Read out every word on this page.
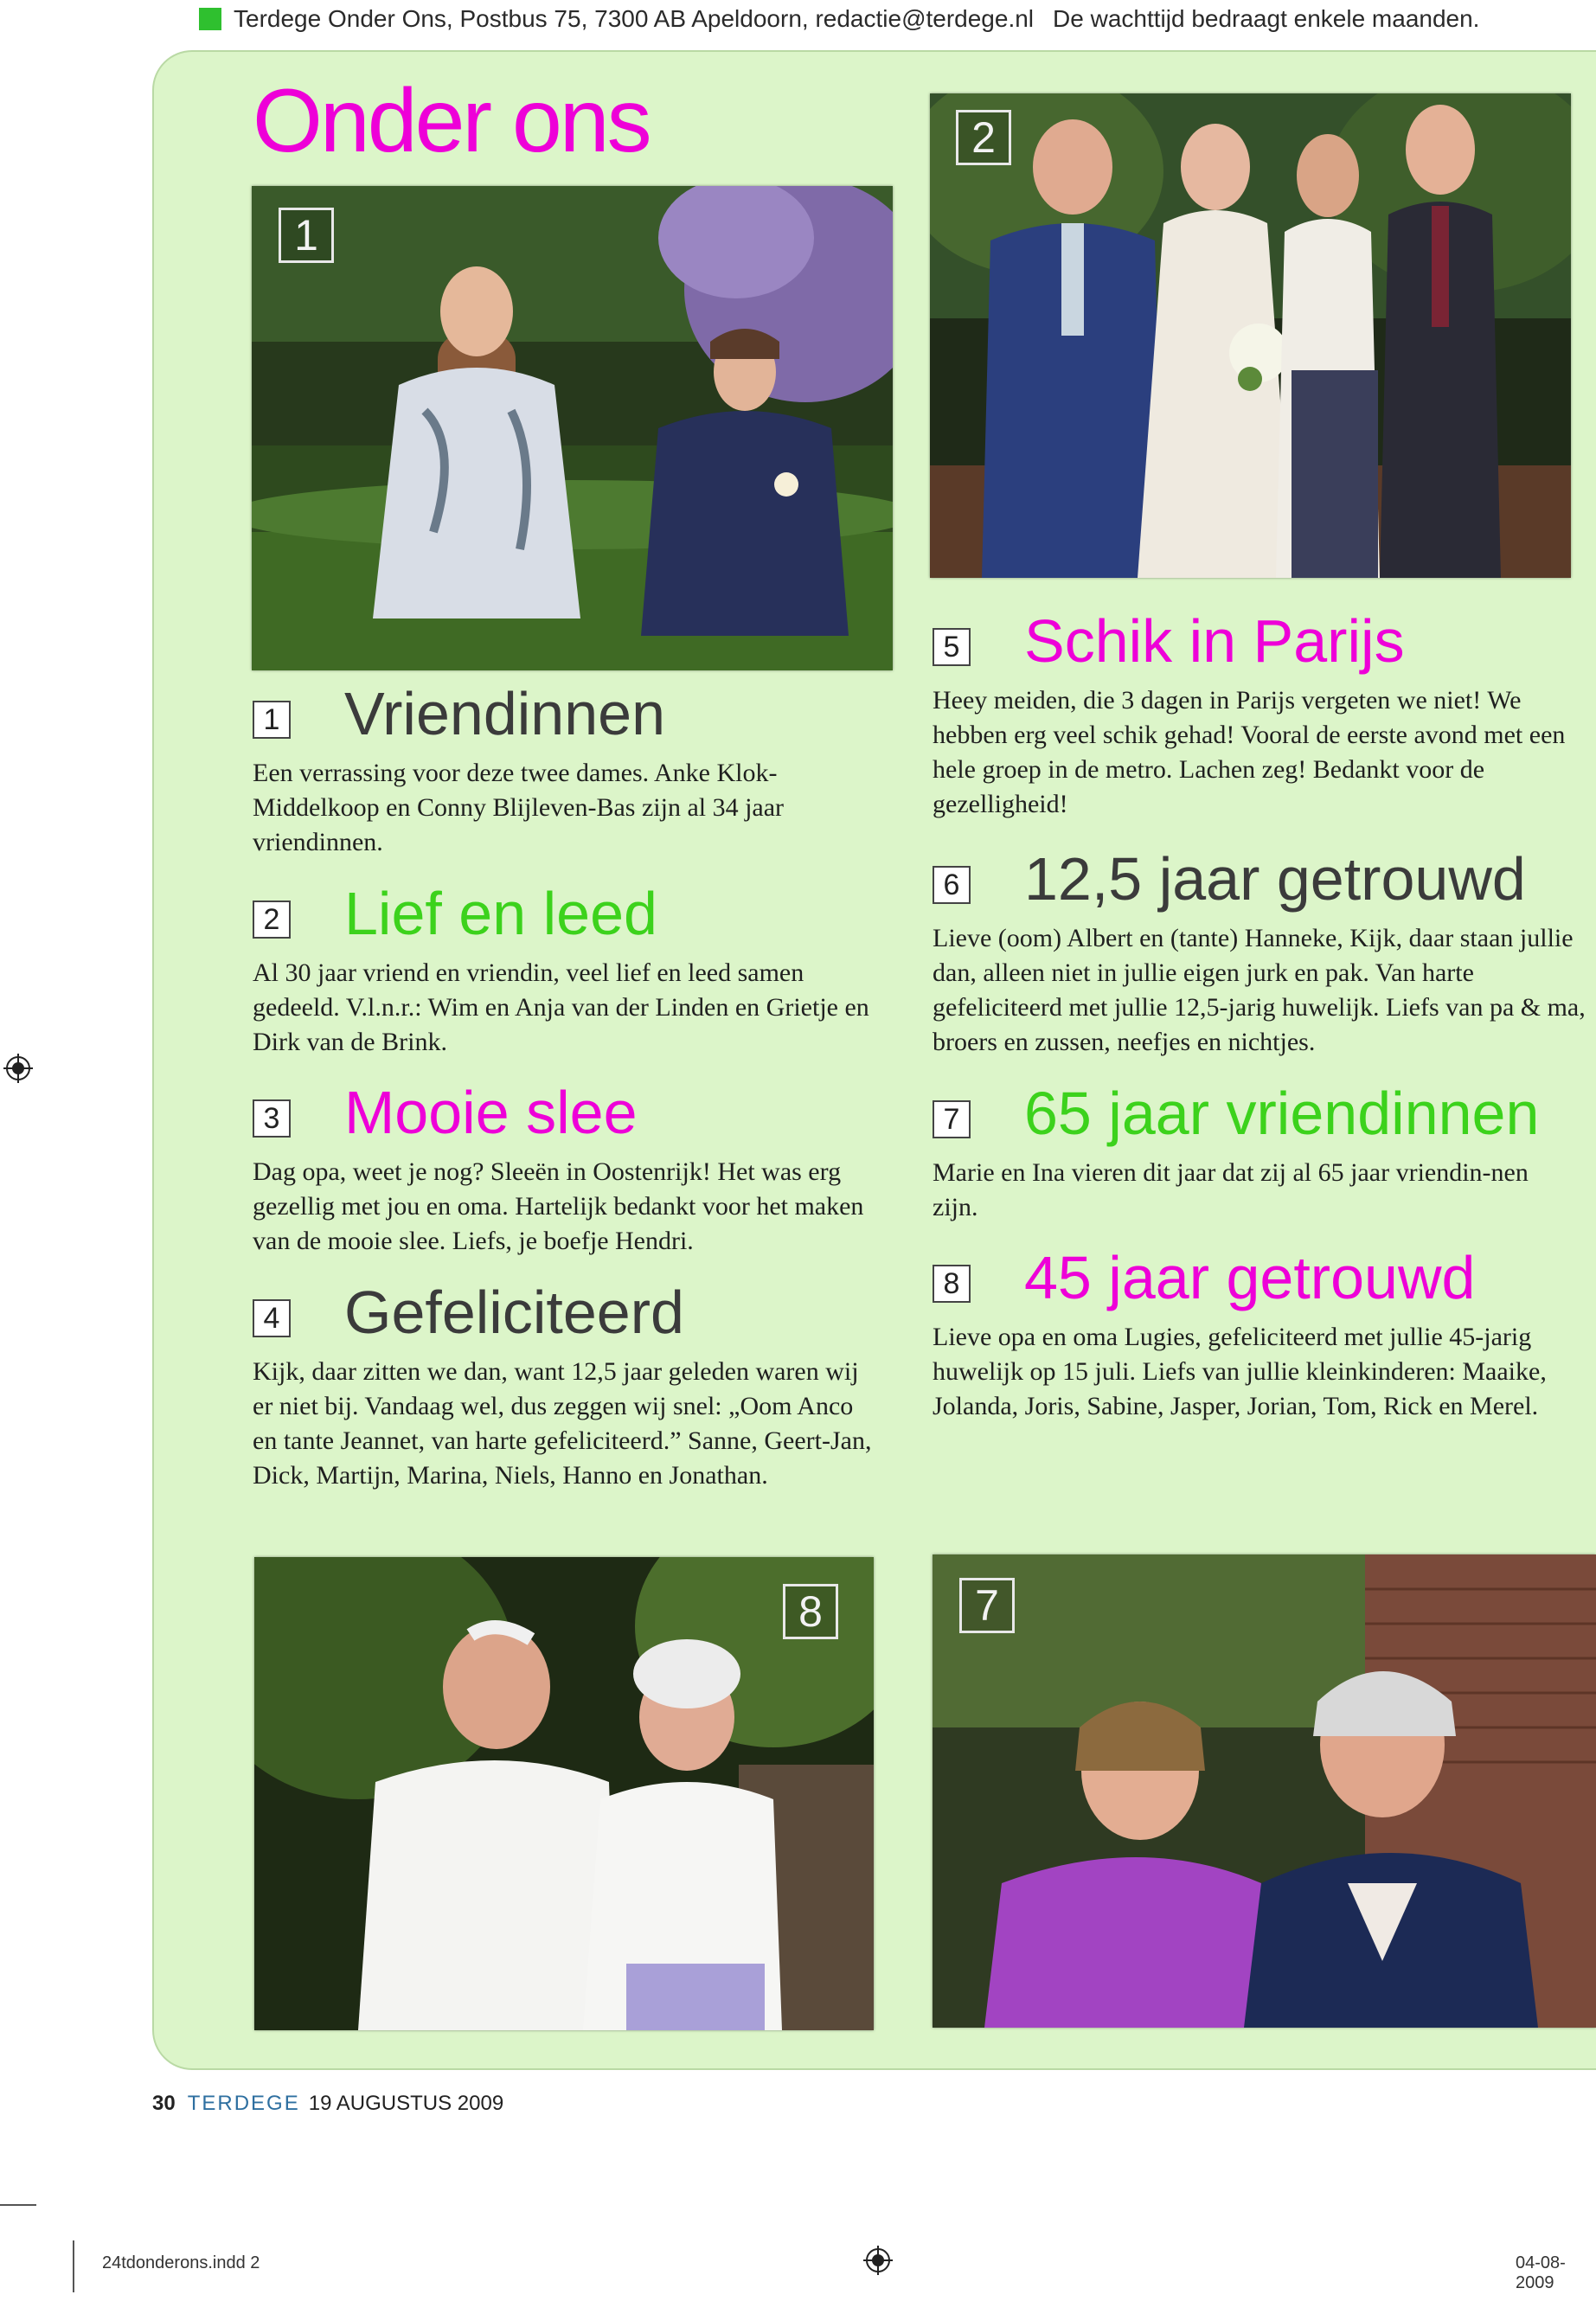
Terdege Onder Ons, Postbus 75, 7300 AB Apeldoorn, redactie@terdege.nl De wachttijd bedraagt enkele maanden.
Onder ons
1
2
1 Vriendinnen

Een verrassing voor deze twee dames. Anke Klok-Middelkoop en Conny Blijleven-Bas zijn al 34 jaar vriendinnen.

2 Lief en leed

Al 30 jaar vriend en vriendin, veel lief en leed samen gedeeld. V.l.n.r.: Wim en Anja van der Linden en Grietje en Dirk van de Brink.

3 Mooie slee

Dag opa, weet je nog? Sleeën in Oostenrijk! Het was erg gezellig met jou en oma. Hartelijk bedankt voor het maken van de mooie slee. Liefs, je boefje Hendri.

4 Gefeliciteerd

Kijk, daar zitten we dan, want 12,5 jaar geleden waren wij er niet bij. Vandaag wel, dus zeggen wij snel: „Oom Anco en tante Jeannet, van harte gefeliciteerd.” Sanne, Geert-Jan, Dick, Martijn, Marina, Niels, Hanno en Jonathan.

5 Schik in Parijs

Heey meiden, die 3 dagen in Parijs vergeten we niet! We hebben erg veel schik gehad! Vooral de eerste avond met een hele groep in de metro. Lachen zeg! Bedankt voor de gezelligheid!

6 12,5 jaar getrouwd

Lieve (oom) Albert en (tante) Hanneke, Kijk, daar staan jullie dan, alleen niet in jullie eigen jurk en pak. Van harte gefeliciteerd met jullie 12,5-jarig huwelijk. Liefs van pa & ma, broers en zussen, neefjes en nichtjes.

7 65 jaar vriendinnen

Marie en Ina vieren dit jaar dat zij al 65 jaar vriendin-nen zijn.

8 45 jaar getrouwd

Lieve opa en oma Lugies, gefeliciteerd met jullie 45-jarig huwelijk op 15 juli. Liefs van jullie kleinkinderen: Maaike, Jolanda, Joris, Sabine, Jasper, Jorian, Tom, Rick en Merel.

8	7
30 TERDEGE 19 AUGUSTUS 2009
24tdonderons.indd 2	04-08-2009
